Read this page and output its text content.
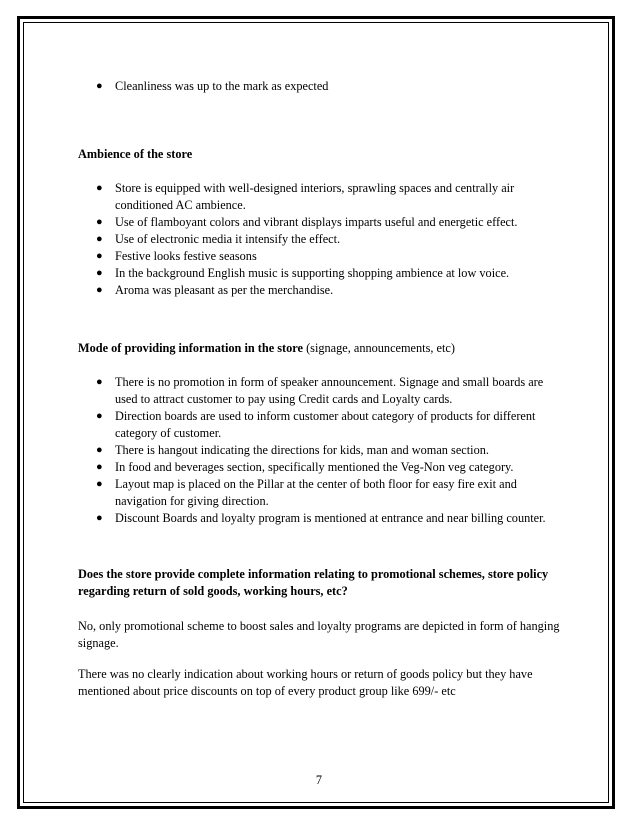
● Cleanliness was up to the mark as expected

Ambience of the store

● Store is equipped with well-designed interiors, sprawling spaces and centrally air conditioned AC ambience.
● Use of flamboyant colors and vibrant displays imparts useful and energetic effect.
● Use of electronic media it intensify the effect.
● Festive looks festive seasons
● In the background English music is supporting shopping ambience at low voice.
● Aroma was pleasant as per the merchandise.

Mode of providing information in the store (signage, announcements, etc)

● There is no promotion in form of speaker announcement. Signage and small boards are used to attract customer to pay using Credit cards and Loyalty cards.
● Direction boards are used to inform customer about category of products for different category of customer.
● There is hangout indicating the directions for kids, man and woman section.
● In food and beverages section, specifically mentioned the Veg-Non veg category.
● Layout map is placed on the Pillar at the center of both floor for easy fire exit and navigation for giving direction.
● Discount Boards and loyalty program is mentioned at entrance and near billing counter.

Does the store provide complete information relating to promotional schemes, store policy regarding return of sold goods, working hours, etc?

No, only promotional scheme to boost sales and loyalty programs are depicted in form of hanging signage.

There was no clearly indication about working hours or return of goods policy but they have mentioned about price discounts on top of every product group like 699/- etc

7
